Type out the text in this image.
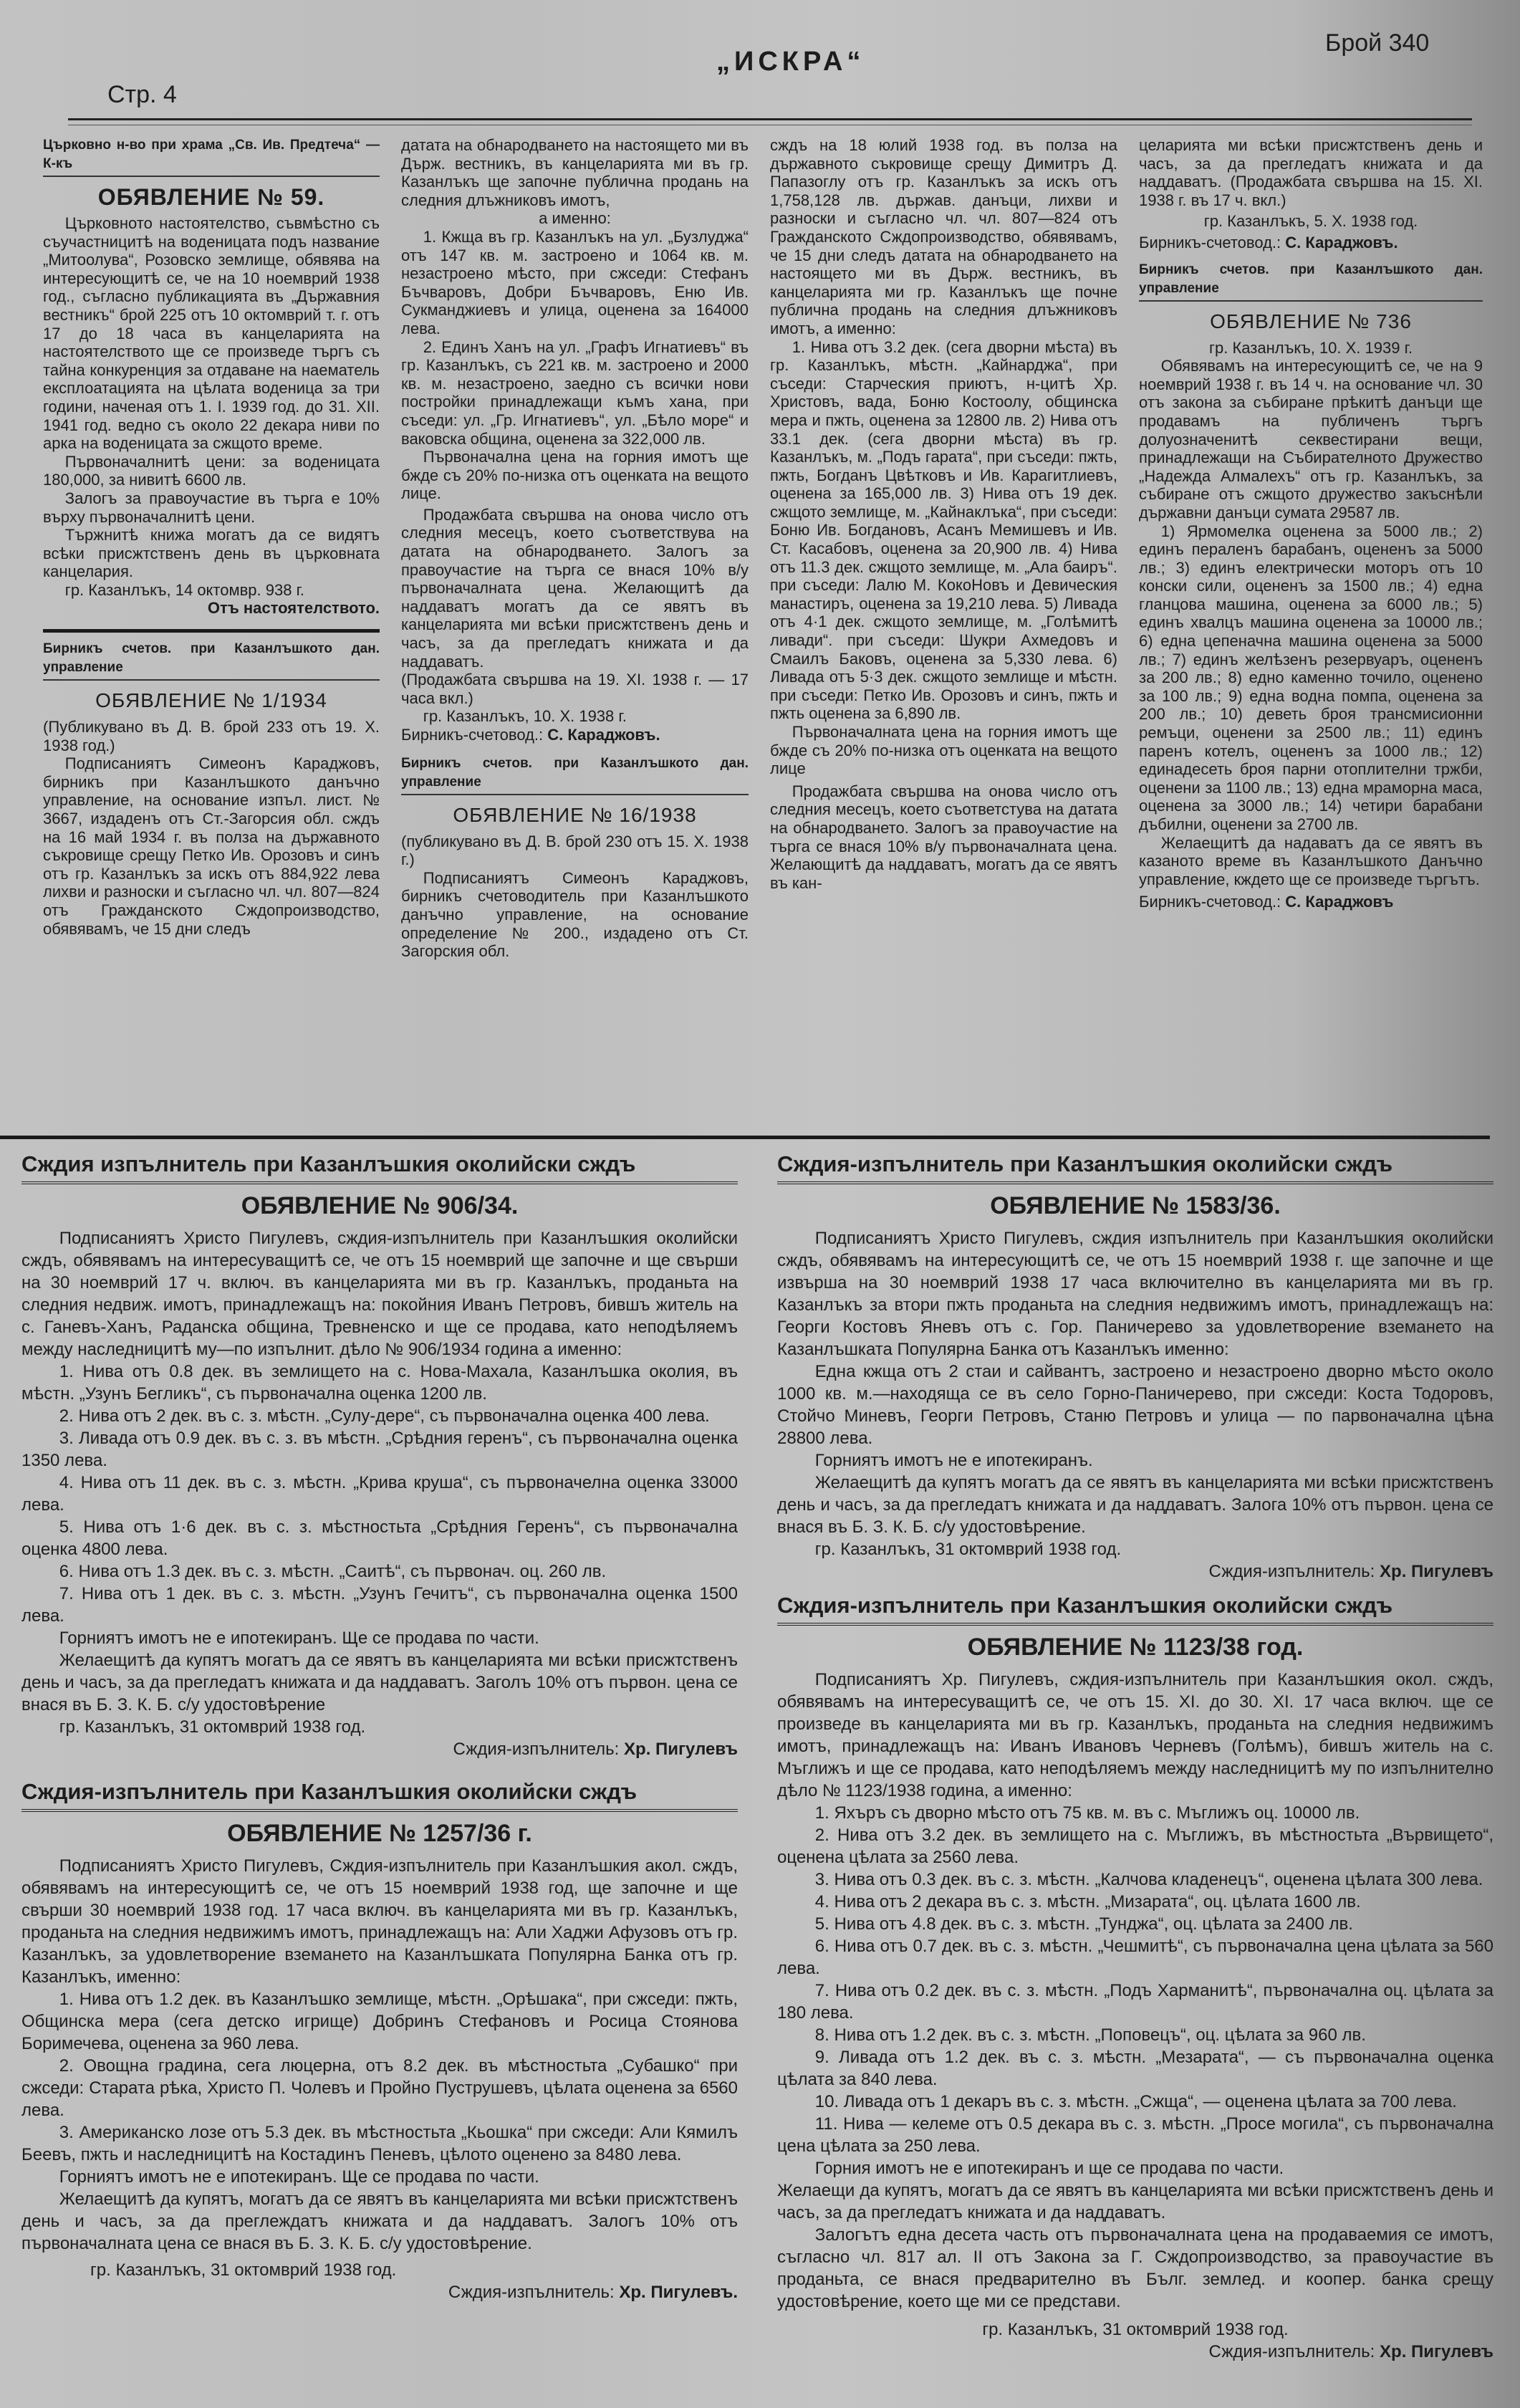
Стр. 4
„ИСКРА“
Брой 340
Църковно н-во при храма „Св. Ив. Предтеча“ — К-къ
ОБЯВЛЕНИЕ № 59.

Църковното настоятелство, съвмѣстно съ съучастницитѣ на воденицата подъ название „Митоолува“, Розовско землище, обявява на интересующитѣ се, че на 10 ноемврий 1938 год., съгласно публикацията въ „Държавния вестникъ“ брой 225 отъ 10 октомврий т. г. отъ 17 до 18 часа въ канцеларията на настоятелството ще се произведе търгъ съ тайна конкуренция за отдаване на наематель експлоатацията на цѣлата воденица за три години, наченая отъ 1. I. 1939 год. до 31. XII. 1941 год. ведно съ около 22 декара ниви по арка на воденицата за сжщото време.

Първоначалнитѣ цени: за воденицата 180,000, за нивитѣ 6600 лв.

Залогъ за правоучастие въ търга е 10% върху първоначалнитѣ цени.

Тържнитѣ книжа могатъ да се видятъ всѣки присжтственъ день въ църковната канцелария.

гр. Казанлъкъ, 14 октомвр. 938 г.

Отъ настоятелството.
Бирникъ счетов. при Казанлъшкото дан. управление
ОБЯВЛЕНИЕ № 1/1934

(Публикувано въ Д. В. брой 233 отъ 19. X. 1938 год.)

Подписаниятъ Симеонъ Караджовъ, бирникъ при Казанлъшкото данъчно управление, на основание изпъл. лист. № 3667, издаденъ отъ Ст.-Загорсия обл. сждъ на 16 май 1934 г. въ полза на държавното съкровище срещу Петко Ив. Орозовъ и синъ отъ гр. Казанлъкъ за искъ отъ 884,922 лева лихви и разноски и съгласно чл. чл. 807—824 отъ Гражданското Сждопроизводство, обявявамъ, че 15 дни следъ

датата на обнародването на настоящето ми въ Държ. вестникъ, въ канцеларията ми въ гр. Казанлъкъ ще започне публична продань на следния длъжниковъ имотъ,

а именно:

1. Кжща въ гр. Казанлъкъ на ул. „Бузлуджа“ отъ 147 кв. м. застроено и 1064 кв. м. незастроено мѣсто, при сжседи: Стефанъ Бъчваровъ, Добри Бъчваровъ, Еню Ив. Сукманджиевъ и улица, оценена за 164000 лева.

2. Единъ Ханъ на ул. „Графъ Игнатиевъ“ въ гр. Казанлъкъ, съ 221 кв. м. застроено и 2000 кв. м. незастроено, заедно съ всички нови постройки принадлежащи къмъ хана, при съседи: ул. „Гр. Игнатиевъ“, ул. „Бѣло море“ и ваковска община, оценена за 322,000 лв.

Първоначална цена на горния имотъ ще бжде съ 20% по-низка отъ оценката на вещото лице.

Продажбата свършва на онова число отъ следния месецъ, което съответствува на датата на обнародването. Залогъ за правоучастие на търга се внася 10% в/у първоначалната цена. Желающитѣ да наддаватъ могатъ да се явятъ въ канцеларията ми всѣки присжтственъ день и часъ, за да прегледатъ книжата и да наддаватъ.

(Продажбата свършва на 19. XI. 1938 г. — 17 часа вкл.)

гр. Казанлъкъ, 10. X. 1938 г.

Бирникъ-счетовод.: С. Караджовъ.
Бирникъ счетов. при Казанлъшкото дан. управление
ОБЯВЛЕНИЕ № 16/1938

(публикувано въ Д. В. брой 230 отъ 15. X. 1938 г.)

Подписаниятъ Симеонъ Караджовъ, бирникъ счетоводитель при Казанлъшкото данъчно управление, на основание определение № 200., издадено отъ Ст. Загорския обл.

сждъ на 18 юлий 1938 год. въ полза на държавното съкровище срещу Димитръ Д. Папазоглу отъ гр. Казанлъкъ за искъ отъ 1,758,128 лв. държав. данъци, лихви и разноски и съгласно чл. чл. 807—824 отъ Гражданското Сждопроизводство, обявявамъ, че 15 дни следъ датата на обнародването на настоящето ми въ Държ. вестникъ, въ канцеларията ми гр. Казанлъкъ ще почне публична продань на следния длъжниковъ имотъ, а именно:

1. Нива отъ 3.2 дек. (сега дворни мѣста) въ гр. Казанлъкъ, мѣстн. „Кайнарджа“, при съседи: Старческия приютъ, н-цитѣ Хр. Христовъ, вада, Боню Костоолу, общинска мера и пжть, оценена за 12800 лв. 2) Нива отъ 33.1 дек. (сега дворни мѣста) въ гр. Казанлъкъ, м. „Подъ гарата“, при съседи: пжть, пжть, Богданъ Цвѣтковъ и Ив. Карагитлиевъ, оценена за 165,000 лв. 3) Нива отъ 19 дек. сжщото землище, м. „Кайнаклъка“, при съседи: Боню Ив. Богдановъ, Асанъ Мемишевъ и Ив. Ст. Касабовъ, оценена за 20,900 лв. 4) Нива отъ 11.3 дек. сжщото землище, м. „Ала баиръ“. при съседи: Лалю М. КокоHовъ и Девическия манастиръ, оценена за 19,210 лева. 5) Ливада отъ 4·1 дек. сжщото землище, м. „Голѣмитѣ ливади“. при съседи: Шукри Ахмедовъ и Смаилъ Баковъ, оценена за 5,330 лева. 6) Ливада отъ 5·3 дек. сжщото землище и мѣстн. при съседи: Петко Ив. Орозовъ и синъ, пжть и пжть оценена за 6,890 лв.

Първоначалната цена на горния имотъ ще бжде съ 20% по-низка отъ оценката на вещото лице

Продажбата свършва на онова число отъ следния месецъ, което съответстува на датата на обнародването. Залогъ за правоучастие на търга се внася 10% в/у първоначалната цена. Желающитѣ да наддаватъ, могатъ да се явятъ въ кан-

целарията ми всѣки присжтственъ день и часъ, за да прегледатъ книжата и да наддаватъ. (Продажбата свършва на 15. XI. 1938 г. въ 17 ч. вкл.)

гр. Казанлъкъ, 5. X. 1938 год.
Бирникъ-счетовод.: С. Караджовъ.
Бирникъ счетов. при Казанлъшкото дан. управление
ОБЯВЛЕНИЕ № 736
гр. Казанлъкъ, 10. X. 1939 г.

Обявявамъ на интересующитѣ се, че на 9 ноемврий 1938 г. въ 14 ч. на основание чл. 30 отъ закона за събиране прѣкитѣ данъци ще продавамъ на публиченъ търгъ долуозначенитѣ секвестирани вещи, принадлежащи на Събирателното Дружество „Надежда Алмалехъ“ отъ гр. Казанлъкъ, за събиране отъ сжщото дружество закъснѣли държавни данъци сумата 29587 лв.

1) Ярмомелка оценена за 5000 лв.; 2) единъ пераленъ барабанъ, оцененъ за 5000 лв.; 3) единъ електрически моторъ отъ 10 конски сили, оцененъ за 1500 лв.; 4) една гланцова машина, оценена за 6000 лв.; 5) единъ хвалцъ машина оценена за 10000 лв.; 6) една цепеначна машина оценена за 5000 лв.; 7) единъ желѣзенъ резервуаръ, оцененъ за 200 лв.; 8) едно каменно точило, оценено за 100 лв.; 9) една водна помпа, оценена за 200 лв.; 10) деветь броя трансмисионни ремъци, оценени за 2500 лв.; 11) единъ паренъ котелъ, оцененъ за 1000 лв.; 12) единадесеть броя парни отоплителни тржби, оценени за 1100 лв.; 13) една мраморна маса, оценена за 3000 лв.; 14) четири барабани дъбилни, оценени за 2700 лв.

Желаещитѣ да надаватъ да се явятъ въ казаното време въ Казанлъшкото Данъчно управление, кждето ще се произведе търгътъ.

Бирникъ-счетовод.: С. Караджовъ
Сждия изпълнитель при Казанлъшкия околийски сждъ
ОБЯВЛЕНИЕ № 906/34.

Подписаниятъ Христо Пигулевъ, сждия-изпълнитель при Казанлъшкия околийски сждъ, обявявамъ на интересуващитѣ се, че отъ 15 ноемврий ще започне и ще свърши на 30 ноемврий 17 ч. включ. въ канцеларията ми въ гр. Казанлъкъ, проданьта на следния недвиж. имотъ, принадлежащъ на: покойния Иванъ Петровъ, бившъ житель на с. Ганевъ-Ханъ, Раданска община, Тревненско и ще се продава, като неподѣляемъ между наследницитѣ му—по изпълнит. дѣло № 906/1934 година а именно:

1. Нива отъ 0.8 дек. въ землището на с. Нова-Махала, Казанлъшка околия, въ мѣстн. „Узунъ Бегликъ“, съ първоначална оценка 1200 лв.

2. Нива отъ 2 дек. въ с. з. мѣстн. „Сулу-дере“, съ първоначална оценка 400 лева.

3. Ливада отъ 0.9 дек. въ с. з. въ мѣстн. „Срѣдния геренъ“, съ първоначална оценка 1350 лева.

4. Нива отъ 11 дек. въ с. з. мѣстн. „Крива круша“, съ първоначелна оценка 33000 лева.

5. Нива отъ 1·6 дек. въ с. з. мѣстностьта „Срѣдния Геренъ“, съ първоначална оценка 4800 лева.

6. Нива отъ 1.3 дек. въ с. з. мѣстн. „Саитѣ“, съ първонач. оц. 260 лв.

7. Нива отъ 1 дек. въ с. з. мѣстн. „Узунъ Гечитъ“, съ първоначална оценка 1500 лева.

Горниятъ имотъ не е ипотекиранъ. Ще се продава по части.

Желаещитѣ да купятъ могатъ да се явятъ въ канцеларията ми всѣки присжтственъ день и часъ, за да прегледатъ книжата и да наддаватъ. Заголъ 10% отъ първон. цена се внася въ Б. З. К. Б. с/у удостовѣрение

гр. Казанлъкъ, 31 октомврий 1938 год.

Сждия-изпълнитель: Хр. Пигулевъ
Сждия-изпълнитель при Казанлъшкия околийски сждъ
ОБЯВЛЕНИЕ № 1257/36 г.

Подписаниятъ Христо Пигулевъ, Сждия-изпълнитель при Казанлъшкия акол. сждъ, обявявамъ на интересующитѣ се, че отъ 15 ноемврий 1938 год, ще започне и ще свърши 30 ноемврий 1938 год. 17 часа включ. въ канцеларията ми въ гр. Казанлъкъ, проданьта на следния недвижимъ имотъ, принадлежащъ на: Али Хаджи Афузовъ отъ гр. Казанлъкъ, за удовлетворение вземането на Казанлъшката Популярна Банка отъ гр. Казанлъкъ, именно:

1. Нива отъ 1.2 дек. въ Казанлъшко землище, мѣстн. „Орѣшака“, при сжседи: пжть, Общинска мера (сега детско игрище) Добринъ Стефановъ и Росица Стоянова Боримечева, оценена за 960 лева.

2. Овощна градина, сега люцерна, отъ 8.2 дек. въ мѣстностьта „Субашко“ при сжседи: Старата рѣка, Христо П. Чолевъ и Пройно Пуструшевъ, цѣлата оценена за 6560 лева.

3. Американско лозе отъ 5.3 дек. въ мѣстностьта „Кьошка“ при сжседи: Али Кямилъ Беевъ, пжть и наследницитѣ на Костадинъ Пеневъ, цѣлото оценено за 8480 лева.

Горниятъ имотъ не е ипотекиранъ. Ще се продава по части.

Желаещитѣ да купятъ, могатъ да се явятъ въ канцеларията ми всѣки присжтственъ день и часъ, за да преглеждатъ книжата и да наддаватъ. Залогъ 10% отъ първоначалната цена се внася въ Б. З. К. Б. с/у удостовѣрение.

гр. Казанлъкъ, 31 октомврий 1938 год.

Сждия-изпълнитель: Хр. Пигулевъ.
Сждия-изпълнитель при Казанлъшкия околийски сждъ
ОБЯВЛЕНИЕ № 1583/36.

Подписаниятъ Христо Пигулевъ, сждия изпълнитель при Казанлъшкия околийски сждъ, обявявамъ на интересующитѣ се, че отъ 15 ноемврий 1938 г. ще започне и ще извърша на 30 ноемврий 1938 17 часа включително въ канцеларията ми въ гр. Казанлъкъ за втори пжть проданьта на следния недвижимъ имотъ, принадлежащъ на: Георги Костовъ Яневъ отъ с. Гор. Паничерево за удовлетворение вземането на Казанлъшката Популярна Банка отъ Казанлъкъ именно:

Една кжща отъ 2 стаи и сайвантъ, застроено и незастроено дворно мѣсто около 1000 кв. м.—находяща се въ село Горно-Паничерево, при сжседи: Коста Тодоровъ, Стойчо Миневъ, Георги Петровъ, Станю Петровъ и улица — по парвоначална цѣна 28800 лева.

Горниятъ имотъ не е ипотекиранъ.

Желаещитѣ да купятъ могатъ да се явятъ въ канцеларията ми всѣки присжтственъ день и часъ, за да прегледатъ книжата и да наддаватъ. Залога 10% отъ първон. цена се внася въ Б. З. К. Б. с/у удостовѣрение.

гр. Казанлъкъ, 31 октомврий 1938 год.

Сждия-изпълнитель: Хр. Пигулевъ
Сждия-изпълнитель при Казанлъшкия околийски сждъ
ОБЯВЛЕНИЕ № 1123/38 год.

Подписаниятъ Хр. Пигулевъ, сждия-изпълнитель при Казанлъшкия окол. сждъ, обявявамъ на интересуващитѣ се, че отъ 15. XI. до 30. XI. 17 часа включ. ще се произведе въ канцеларията ми въ гр. Казанлъкъ, проданьта на следния недвижимъ имотъ, принадлежащъ на: Иванъ Ивановъ Черневъ (Голѣмъ), бившъ житель на с. Мъглижъ и ще се продава, като неподѣляемъ между наследницитѣ му по изпълнително дѣло № 1123/1938 година, а именно:

1. Яхъръ съ дворно мѣсто отъ 75 кв. м. въ с. Мъглижъ оц. 10000 лв.

2. Нива отъ 3.2 дек. въ землището на с. Мъглижъ, въ мѣстностьта „Вървището“, оценена цѣлата за 2560 лева.

3. Нива отъ 0.3 дек. въ с. з. мѣстн. „Калчова кладенецъ“, оценена цѣлата 300 лева.

4. Нива отъ 2 декара въ с. з. мѣстн. „Мизарата“, оц. цѣлата 1600 лв.

5. Нива отъ 4.8 дек. въ с. з. мѣстн. „Тунджа“, оц. цѣлата за 2400 лв.

6. Нива отъ 0.7 дек. въ с. з. мѣстн. „Чешмитѣ“, съ първоначална цена цѣлата за 560 лева.

7. Нива отъ 0.2 дек. въ с. з. мѣстн. „Подъ Харманитѣ“, първоначална оц. цѣлата за 180 лева.

8. Нива отъ 1.2 дек. въ с. з. мѣстн. „Поповецъ“, оц. цѣлата за 960 лв.

9. Ливада отъ 1.2 дек. въ с. з. мѣстн. „Мезарата“, — съ първоначална оценка цѣлата за 840 лева.

10. Ливада отъ 1 декаръ въ с. з. мѣстн. „Сжща“, — оценена цѣлата за 700 лева.

11. Нива — келеме отъ 0.5 декара въ с. з. мѣстн. „Просе могила“, съ първоначална цена цѣлата за 250 лева.

Горния имотъ не е ипотекиранъ и ще се продава по части.

Желаещи да купятъ, могатъ да се явятъ въ канцеларията ми всѣки присжтственъ день и часъ, за да прегледатъ книжата и да наддаватъ.

Залогътъ една десета часть отъ първоначалната цена на продаваемия се имотъ, съгласно чл. 817 ал. II отъ Закона за Г. Сждопроизводство, за правоучастие въ проданьта, се внася предварително въ Бълг. землед. и коопер. банка срещу удостовѣрение, което ще ми се представи.

гр. Казанлъкъ, 31 октомврий 1938 год.
Сждия-изпълнитель: Хр. Пигулевъ
